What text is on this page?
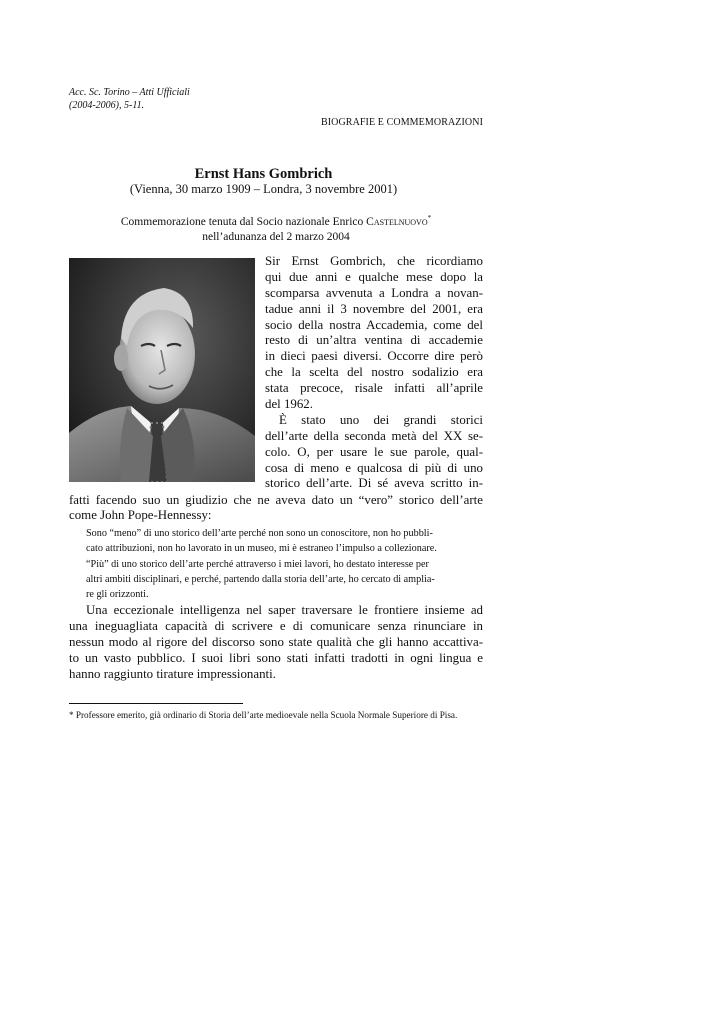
Acc. Sc. Torino – Atti Ufficiali
(2004-2006), 5-11.
BIOGRAFIE E COMMEMORAZIONI
Ernst Hans Gombrich
(Vienna, 30 marzo 1909 – Londra, 3 novembre 2001)
Commemorazione tenuta dal Socio nazionale Enrico Castelnuovo*
nell’adunanza del 2 marzo 2004
Sir Ernst Gombrich, che ricordiamo
qui due anni e qualche mese dopo la
scomparsa avvenuta a Londra a novan-
tadue anni il 3 novembre del 2001, era
socio della nostra Accademia, come del
resto di un’altra ventina di accademie
in dieci paesi diversi. Occorre dire però
che la scelta del nostro sodalizio era
stata precoce, risale infatti all’aprile
del 1962.
È stato uno dei grandi storici
dell’arte della seconda metà del XX se-
colo. O, per usare le sue parole, qual-
cosa di meno e qualcosa di più di uno
storico dell’arte. Di sé aveva scritto in-
fatti facendo suo un giudizio che ne aveva dato un “vero” storico dell’arte
come John Pope-Hennessy:
Sono “meno” di uno storico dell’arte perché non sono un conoscitore, non ho pubbli-
cato attribuzioni, non ho lavorato in un museo, mi è estraneo l’impulso a collezionare.
“Più” di uno storico dell’arte perché attraverso i miei lavori, ho destato interesse per
altri ambiti disciplinari, e perché, partendo dalla storia dell’arte, ho cercato di amplia-
re gli orizzonti.
Una eccezionale intelligenza nel saper traversare le frontiere insieme ad
una ineguagliata capacità di scrivere e di comunicare senza rinunciare in
nessun modo al rigore del discorso sono state qualità che gli hanno accattiva-
to un vasto pubblico. I suoi libri sono stati infatti tradotti in ogni lingua e
hanno raggiunto tirature impressionanti.
* Professore emerito, già ordinario di Storia dell’arte medioevale nella Scuola Normale Superiore di Pisa.
